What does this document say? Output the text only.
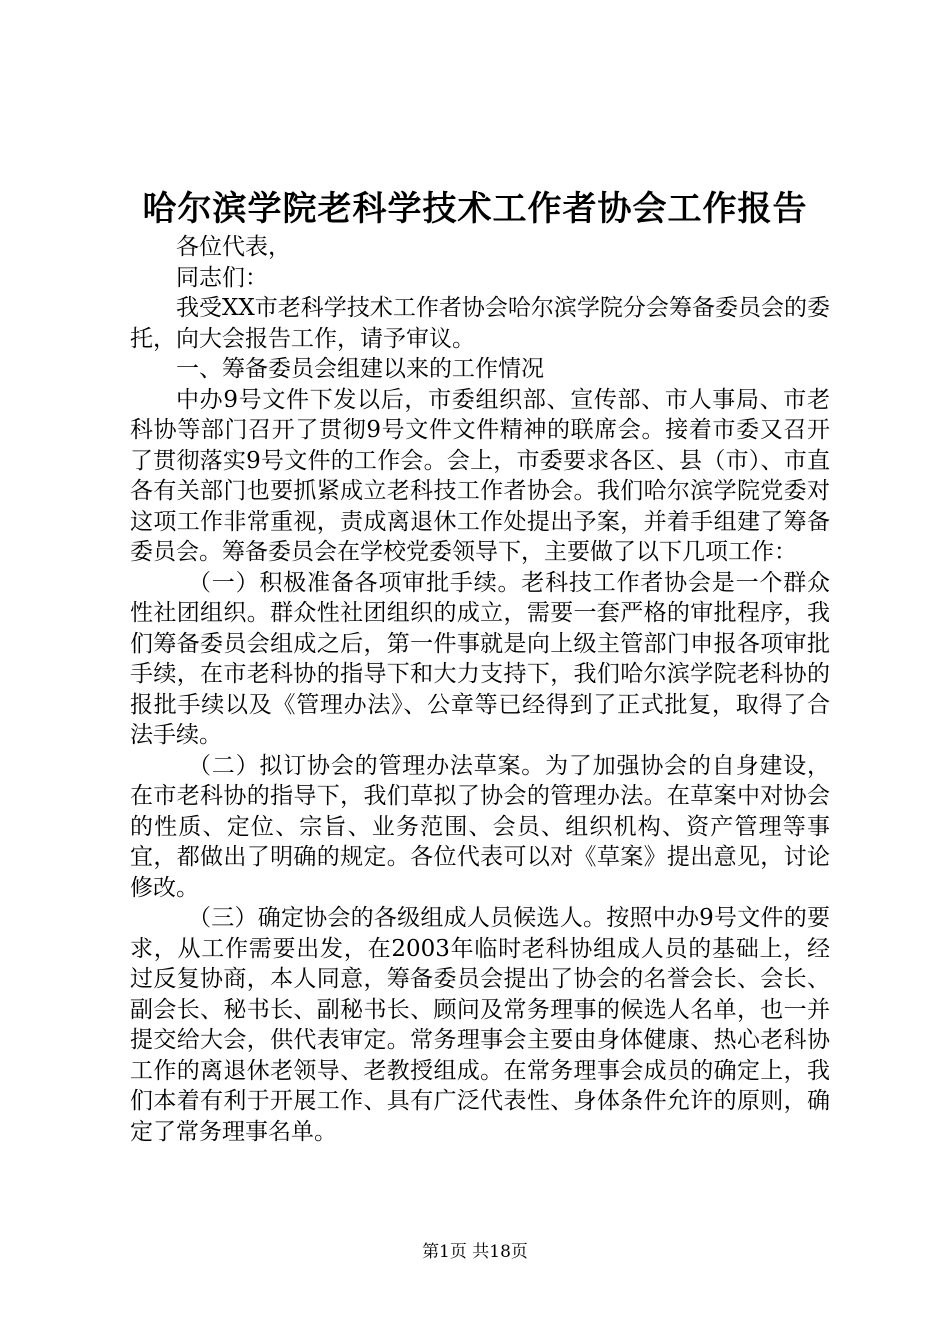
哈尔滨学院老科学技术工作者协会工作报告

各位代表，

同志们：

我受XX市老科学技术工作者协会哈尔滨学院分会筹备委员会的委托，向大会报告工作，请予审议。

一、筹备委员会组建以来的工作情况

中办9号文件下发以后，市委组织部、宣传部、市人事局、市老科协等部门召开了贯彻9号文件文件精神的联席会。接着市委又召开了贯彻落实9号文件的工作会。会上，市委要求各区、县（市）、市直各有关部门也要抓紧成立老科技工作者协会。我们哈尔滨学院党委对这项工作非常重视，责成离退休工作处提出予案，并着手组建了筹备委员会。筹备委员会在学校党委领导下，主要做了以下几项工作：

（一）积极准备各项审批手续。老科技工作者协会是一个群众性社团组织。群众性社团组织的成立，需要一套严格的审批程序，我们筹备委员会组成之后，第一件事就是向上级主管部门申报各项审批手续，在市老科协的指导下和大力支持下，我们哈尔滨学院老科协的报批手续以及《管理办法》、公章等已经得到了正式批复，取得了合法手续。

（二）拟订协会的管理办法草案。为了加强协会的自身建设，在市老科协的指导下，我们草拟了协会的管理办法。在草案中对协会的性质、定位、宗旨、业务范围、会员、组织机构、资产管理等事宜，都做出了明确的规定。各位代表可以对《草案》提出意见，讨论修改。

（三）确定协会的各级组成人员候选人。按照中办9号文件的要求，从工作需要出发，在2003年临时老科协组成人员的基础上，经过反复协商，本人同意，筹备委员会提出了协会的名誉会长、会长、副会长、秘书长、副秘书长、顾问及常务理事的候选人名单，也一并提交给大会，供代表审定。常务理事会主要由身体健康、热心老科协工作的离退休老领导、老教授组成。在常务理事会成员的确定上，我们本着有利于开展工作、具有广泛代表性、身体条件允许的原则，确定了常务理事名单。

第1页 共18页
